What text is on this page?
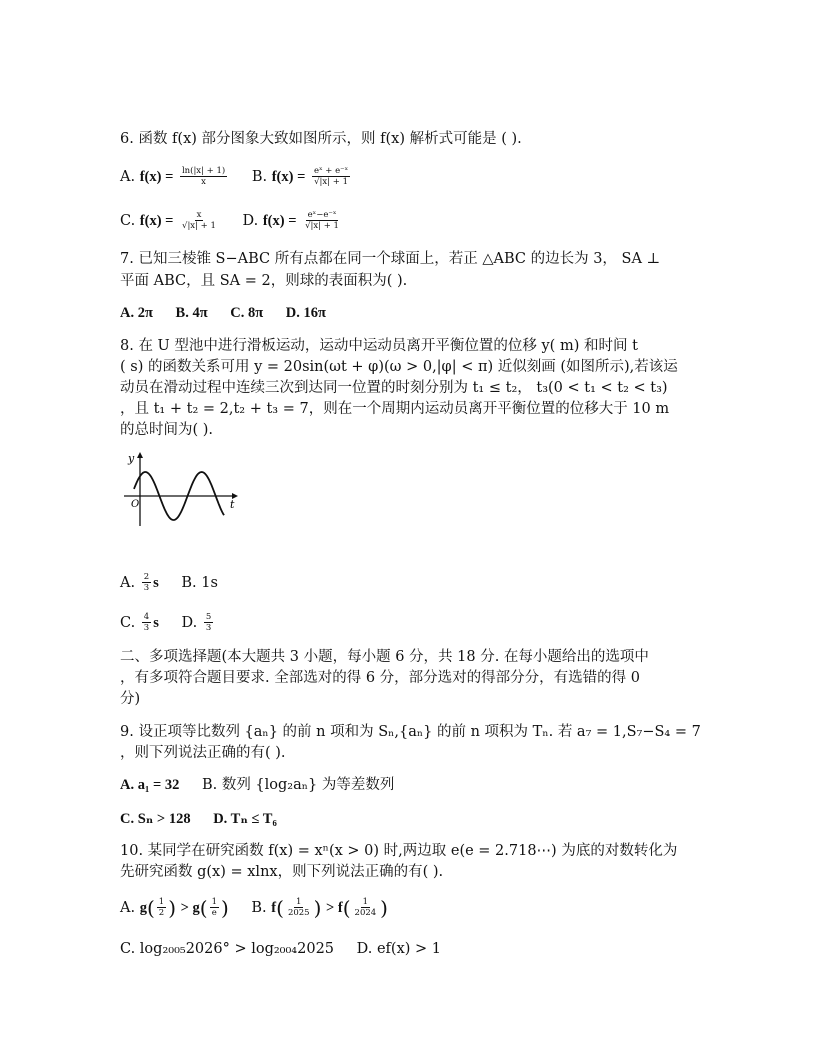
6. 函数 f(x) 部分图象大致如图所示，则 f(x) 解析式可能是 ( ).
A. $f(x) = \frac{\ln(|x| + 1)}{x} B$. $f(x) = \frac{\text{eˣ + e⁻ˣ}}{√|x| + 1}$
C. $f(x) = \frac{x}{√|x| + 1} D$. $f(x) = \frac{\text{eˣ−e⁻ˣ}}{√|x| + 1}$
7. 已知三棱锥 S−ABC 所有点都在同一个球面上，若正 △ABC 的边长为 3， SA ⊥
平面 ABC，且 SA = 2，则球的表面积为( ).
A. 2π B. 4π C. 8π D. 16π
8. 在 U 型池中进行滑板运动，运动中运动员离开平衡位置的位移 y( m) 和时间 t
( s) 的函数关系可用 y = 20sin(ωt + φ)(ω > 0,|φ| < π) 近似刻画 (如图所示),若该运
动员在滑动过程中连续三次到达同一位置的时刻分别为 t₁ ≤ t₂， t₃(0 < t₁ < t₂ < t₃)
，且 t₁ + t₂ = 2,t₂ + t₃ = 7，则在一个周期内运动员离开平衡位置的位移大于 10 m
的总时间为( ).
y
t
O
A. $\frac{2}{3}$ s B. 1s
C. $\frac{4}{3}$ s D. $\frac{5}{3}$
二、多项选择题(本大题共 3 小题，每小题 6 分，共 18 分. 在每小题给出的选项中
，有多项符合题目要求. 全部选对的得 6 分，部分选对的得部分分，有选错的得 0
分)
9. 设正项等比数列 {aₙ} 的前 n 项和为 Sₙ,{aₙ} 的前 n 项积为 Tₙ. 若 a₇ = 1,S₇−S₄ = 7
，则下列说法正确的有( ).
A. a₁ = 32 B. 数列 {log₂aₙ} 为等差数列
C. Sₙ > 128 D. Tₙ ≤ T₆
10. 某同学在研究函数 f(x) = xⁿ(x > 0) 时,两边取 e(e = 2.718⋯) 为底的对数转化为
先研究函数 g(x) = xlnx，则下列说法正确的有( ).
A. $g( \frac{1}{2}$ ) > $g( \frac{1}{e}$ ) B. $f( \frac{1}{2025}$ ) > $f( \frac{1}{2024}$ )
C. log₂₀₀₅2026° > log₂₀₀₄2025 D. ef(x) > 1
